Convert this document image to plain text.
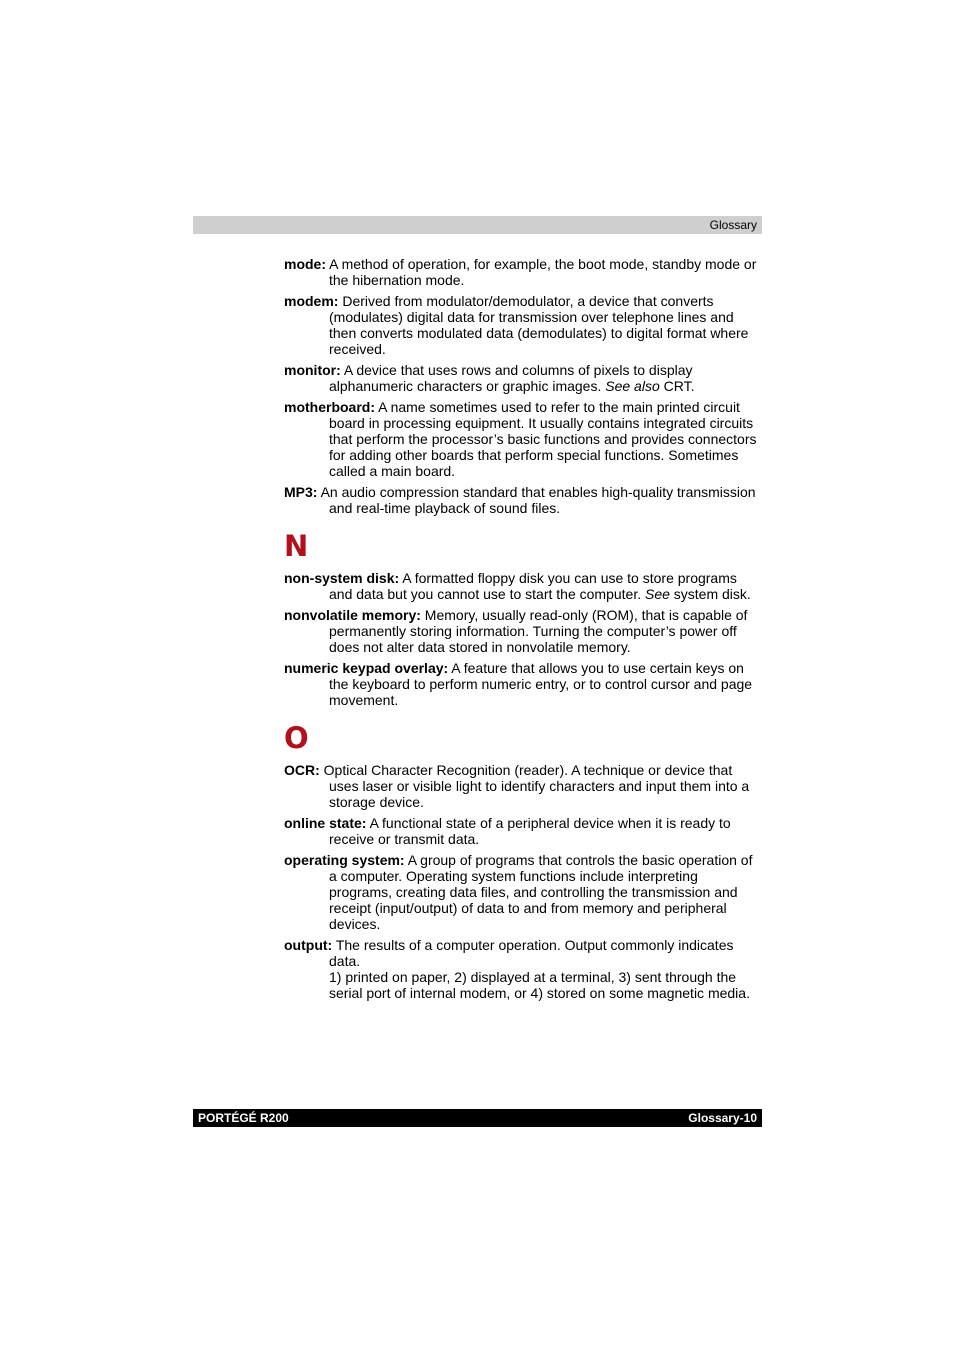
Glossary

mode: A method of operation, for example, the boot mode, standby mode or the hibernation mode.

modem: Derived from modulator/demodulator, a device that converts (modulates) digital data for transmission over telephone lines and then converts modulated data (demodulates) to digital format where received.

monitor: A device that uses rows and columns of pixels to display alphanumeric characters or graphic images. See also CRT.

motherboard: A name sometimes used to refer to the main printed circuit board in processing equipment. It usually contains integrated circuits that perform the processor’s basic functions and provides connectors for adding other boards that perform special functions. Sometimes called a main board.

MP3: An audio compression standard that enables high-quality transmission and real-time playback of sound files.

N

non-system disk: A formatted floppy disk you can use to store programs and data but you cannot use to start the computer. See system disk.

nonvolatile memory: Memory, usually read-only (ROM), that is capable of permanently storing information. Turning the computer’s power off does not alter data stored in nonvolatile memory.

numeric keypad overlay: A feature that allows you to use certain keys on the keyboard to perform numeric entry, or to control cursor and page movement.

O

OCR: Optical Character Recognition (reader). A technique or device that uses laser or visible light to identify characters and input them into a storage device.

online state: A functional state of a peripheral device when it is ready to receive or transmit data.

operating system: A group of programs that controls the basic operation of a computer. Operating system functions include interpreting programs, creating data files, and controlling the transmission and receipt (input/output) of data to and from memory and peripheral devices.

output: The results of a computer operation. Output commonly indicates data.
1) printed on paper, 2) displayed at a terminal, 3) sent through the serial port of internal modem, or 4) stored on some magnetic media.

PORTÉGÉ R200	Glossary-10
